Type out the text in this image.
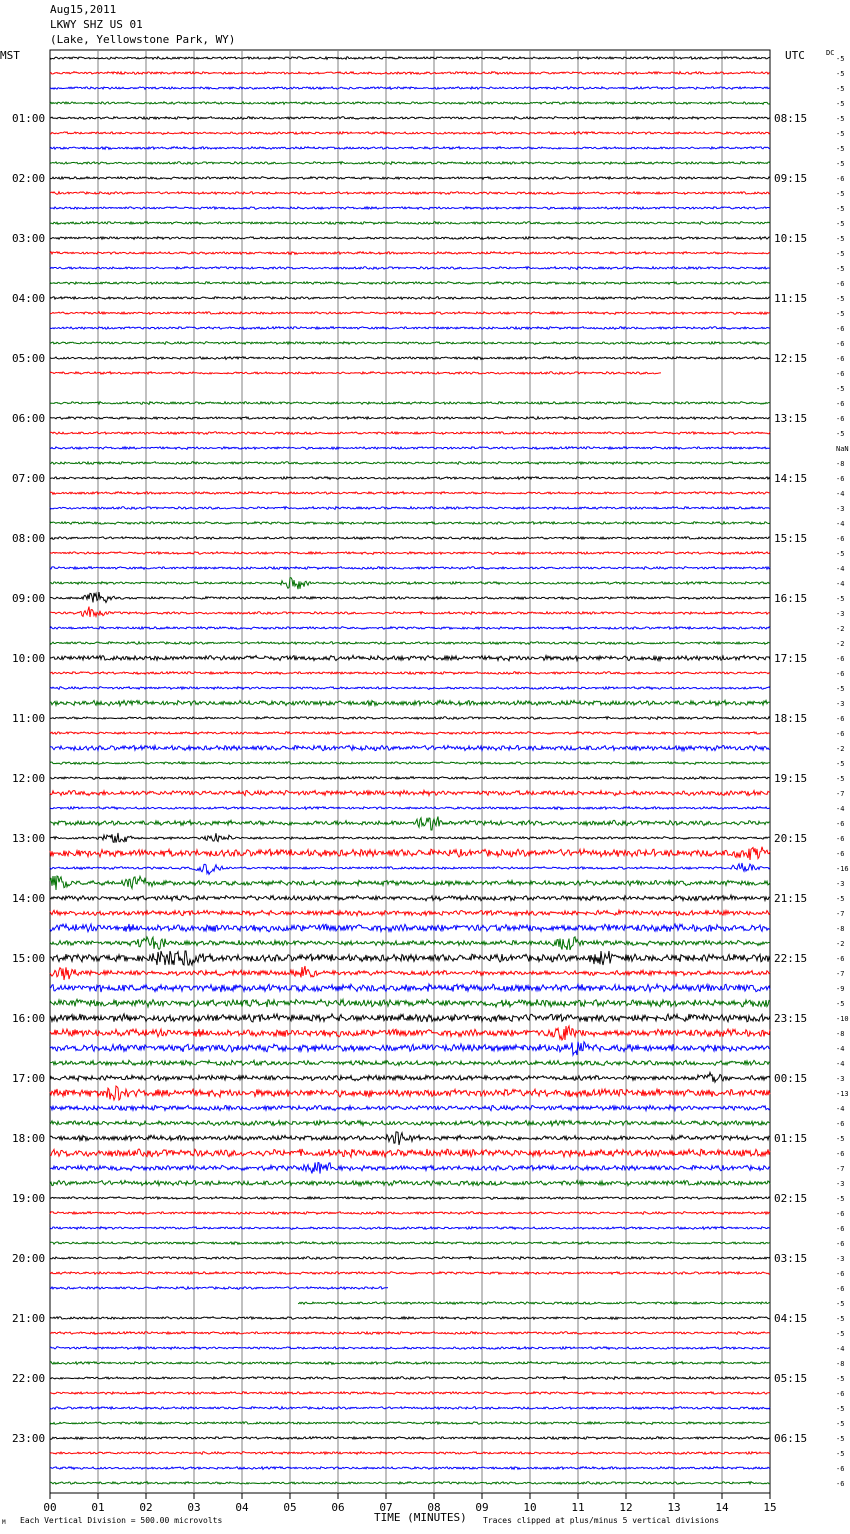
Aug15,2011
LKWY SHZ US 01
(Lake, Yellowstone Park, WY)
MST	UTC	DC
00	01	02	03	04	05	06	07	08	09	10	11	12	13	14	15
-5
-5
-5
-5
-5
-5
-5
-5
-6
-5
-5
-5
-5
-5
-5
-6
-5
-5
-6
-6
-6
-6
-5
-6
-6
-5
NaN
-8
-6
-4
-3
-4
-6
-5
-4
-4
-5
-3
-2
-2
-6
-6
-5
-3
-6
-6
-2
-5
-5
-7
-4
-6
-6
-6
-16
-3
-5
-7
-8
-2
-6
-7
-9
-5
-10
-8
-4
-4
-3
-13
-4
-6
-5
-6
-7
-3
-5
-6
-6
-6
-3
-6
-6
-5
-5
-5
-4
-8
-5
-6
-5
-5
-5
-5
-6
-6
01:00
02:00
03:00
04:00
05:00
06:00
07:00
08:00
09:00
10:00
11:00
12:00
13:00
14:00
15:00
16:00
17:00
18:00
19:00
20:00
21:00
22:00
23:00
08:15
09:15
10:15
11:15
12:15
13:15
14:15
15:15
16:15
17:15
18:15
19:15
20:15
21:15
22:15
23:15
00:15
01:15
02:15
03:15
04:15
05:15
06:15
TIME (MINUTES)
M Each Vertical Division = 500.00 microvolts	Traces clipped at plus/minus 5 vertical divisions
